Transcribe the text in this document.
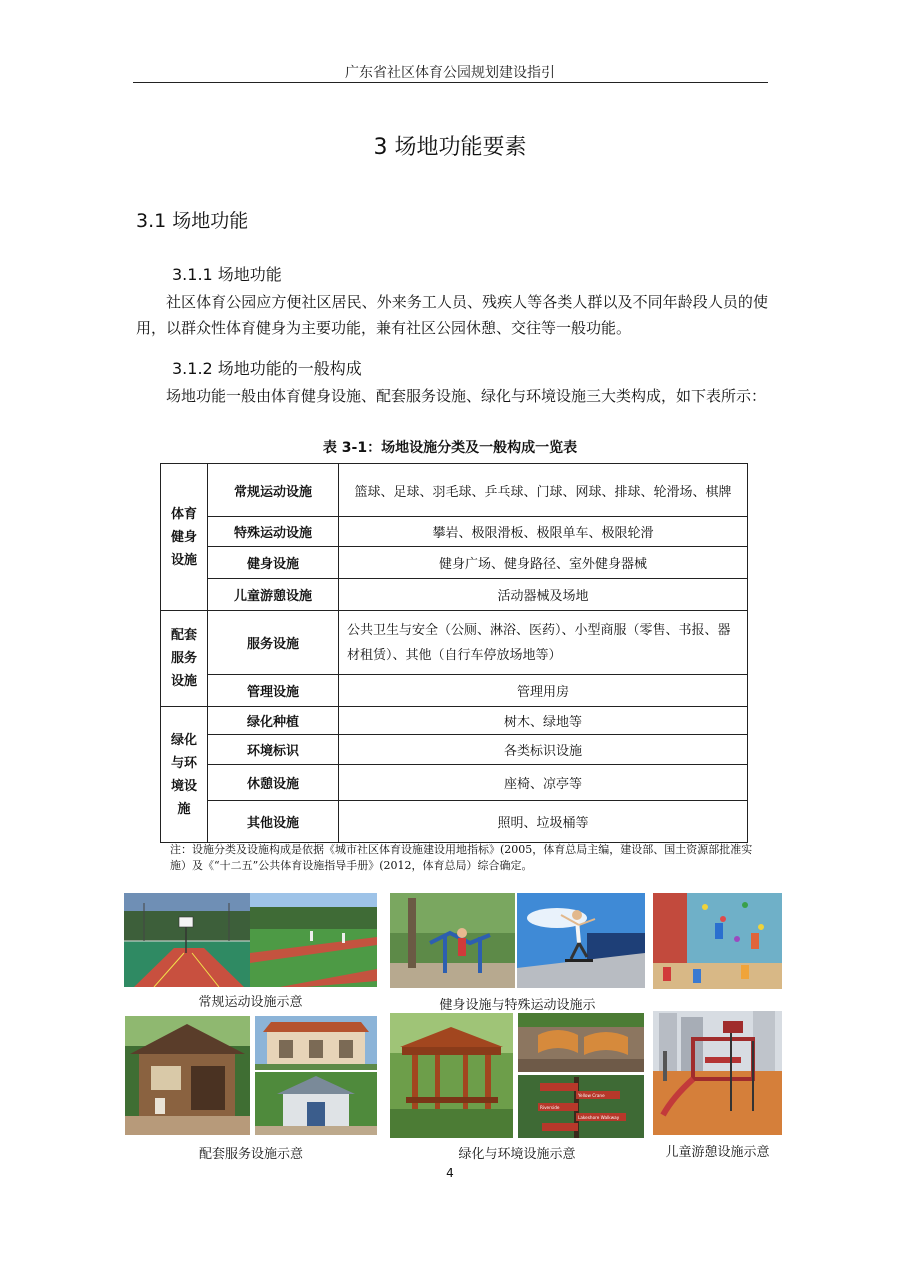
广东省社区体育公园规划建设指引
3 场地功能要素
3.1 场地功能
3.1.1 场地功能
社区体育公园应方便社区居民、外来务工人员、残疾人等各类人群以及不同年龄段人员的使用，以群众性体育健身为主要功能，兼有社区公园休憩、交往等一般功能。
3.1.2 场地功能的一般构成
场地功能一般由体育健身设施、配套服务设施、绿化与环境设施三大类构成，如下表所示：
表 3-1：场地设施分类及一般构成一览表
体育健身设施	常规运动设施	篮球、足球、羽毛球、乒乓球、门球、网球、排球、轮滑场、棋牌
	特殊运动设施	攀岩、极限滑板、极限单车、极限轮滑
	健身设施	健身广场、健身路径、室外健身器械
	儿童游憩设施	活动器械及场地
配套服务设施	服务设施	公共卫生与安全（公厕、淋浴、医药）、小型商服（零售、书报、器材租赁）、其他（自行车停放场地等）
	管理设施	管理用房
绿化与环境设施	绿化种植	树木、绿地等
	环境标识	各类标识设施
	休憩设施	座椅、凉亭等
	其他设施	照明、垃圾桶等
注：设施分类及设施构成是依据《城市社区体育设施建设用地指标》(2005，体育总局主编，建设部、国土资源部批准实施）及《“十二五”公共体育设施指导手册》(2012，体育总局）综合确定。
常规运动设施示意	健身设施与特殊运动设施示
Yellow Crane
Riverside
Lakeshore Walkway
配套服务设施示意	绿化与环境设施示意	儿童游憩设施示意
4
